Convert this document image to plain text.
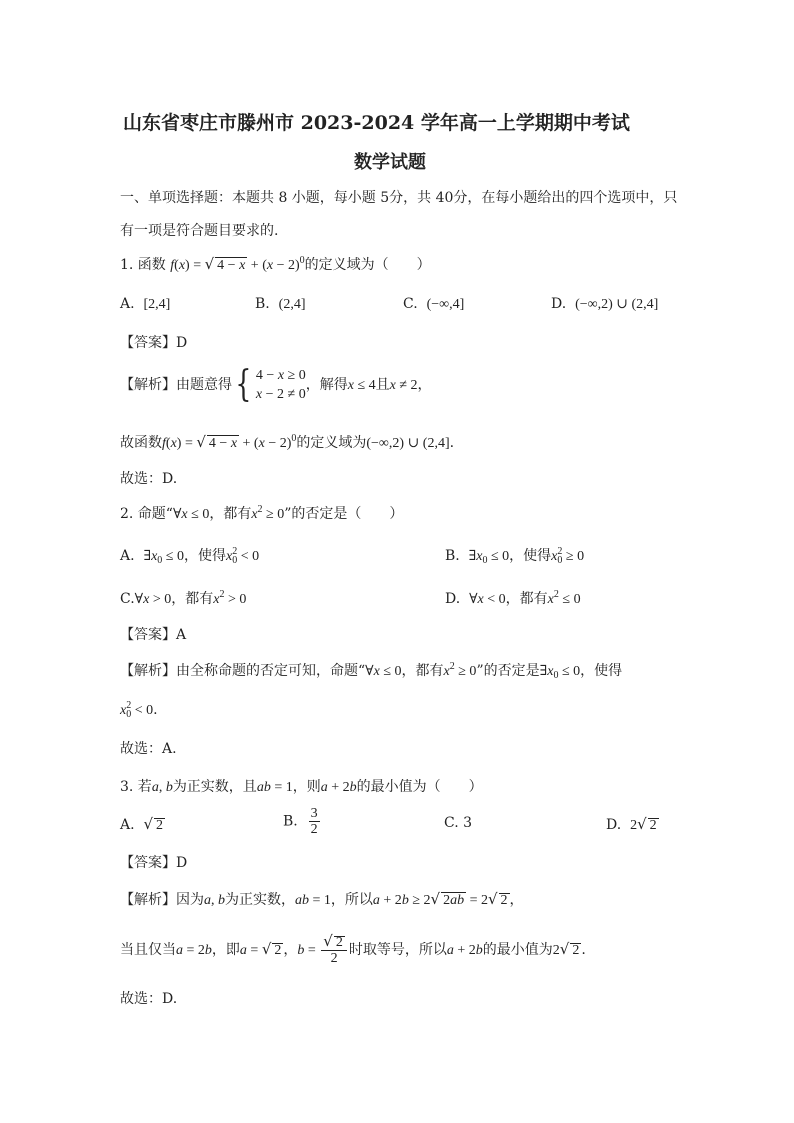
山东省枣庄市滕州市 2023-2024 学年高一上学期期中考试
数学试题
一、单项选择题：本题共 8 小题，每小题 5分，共 40分，在每小题给出的四个选项中，只
有一项是符合题目要求的.
1. 函数 f(x) = √ $4 - x + (x - 2)^0$的定义域为（　　）
A. [2,4]	B. (2,4]	C. (−∞,4]	D. (−∞,2) ∪ (2,4]
【答案】D
【解析】由题意得 { 4 − x ≥ 0
x − 2 ≠ 0
，解得x ≤ 4且x ≠ 2，
故函数f(x) = √ $4 - x + (x - 2)^0$的定义域为(−∞,2) ∪ (2,4].
故选：D.
2. 命题“∀x ≤ 0，都有$x^2 \ge 0$”的否定是（　　）
A. $\exists x_0 \le 0$，使得$x^2_0 < 0$	B. $\exists x_0 \le 0$，使得$x^2_0 \ge 0$
C.∀x > 0，都有$x^2 > 0$	D. ∀x < 0，都有$x^2 \le 0$
【答案】A
【解析】由全称命题的否定可知，命题“∀x ≤ 0，都有$x^2 \ge 0$”的否定是$\exists x_0 \le 0$，使得
$x^2_0 < 0$.
故选：A.
3. 若a, b为正实数，且ab = 1，则a + 2b的最小值为（　　）
A. √ 2	B. $\frac{3}{2}$	C. 3	D. 2√ 2
【答案】D
【解析】因为a, b为正实数，ab = 1，所以a + 2b ≥ 2√ 2ab = 2√ 2 ，
当且仅当a = 2b，即a = √ 2 ，$b = \frac{√ 2}{2}$ 时取等号，所以a + 2b的最小值为2√ 2 .
故选：D.
